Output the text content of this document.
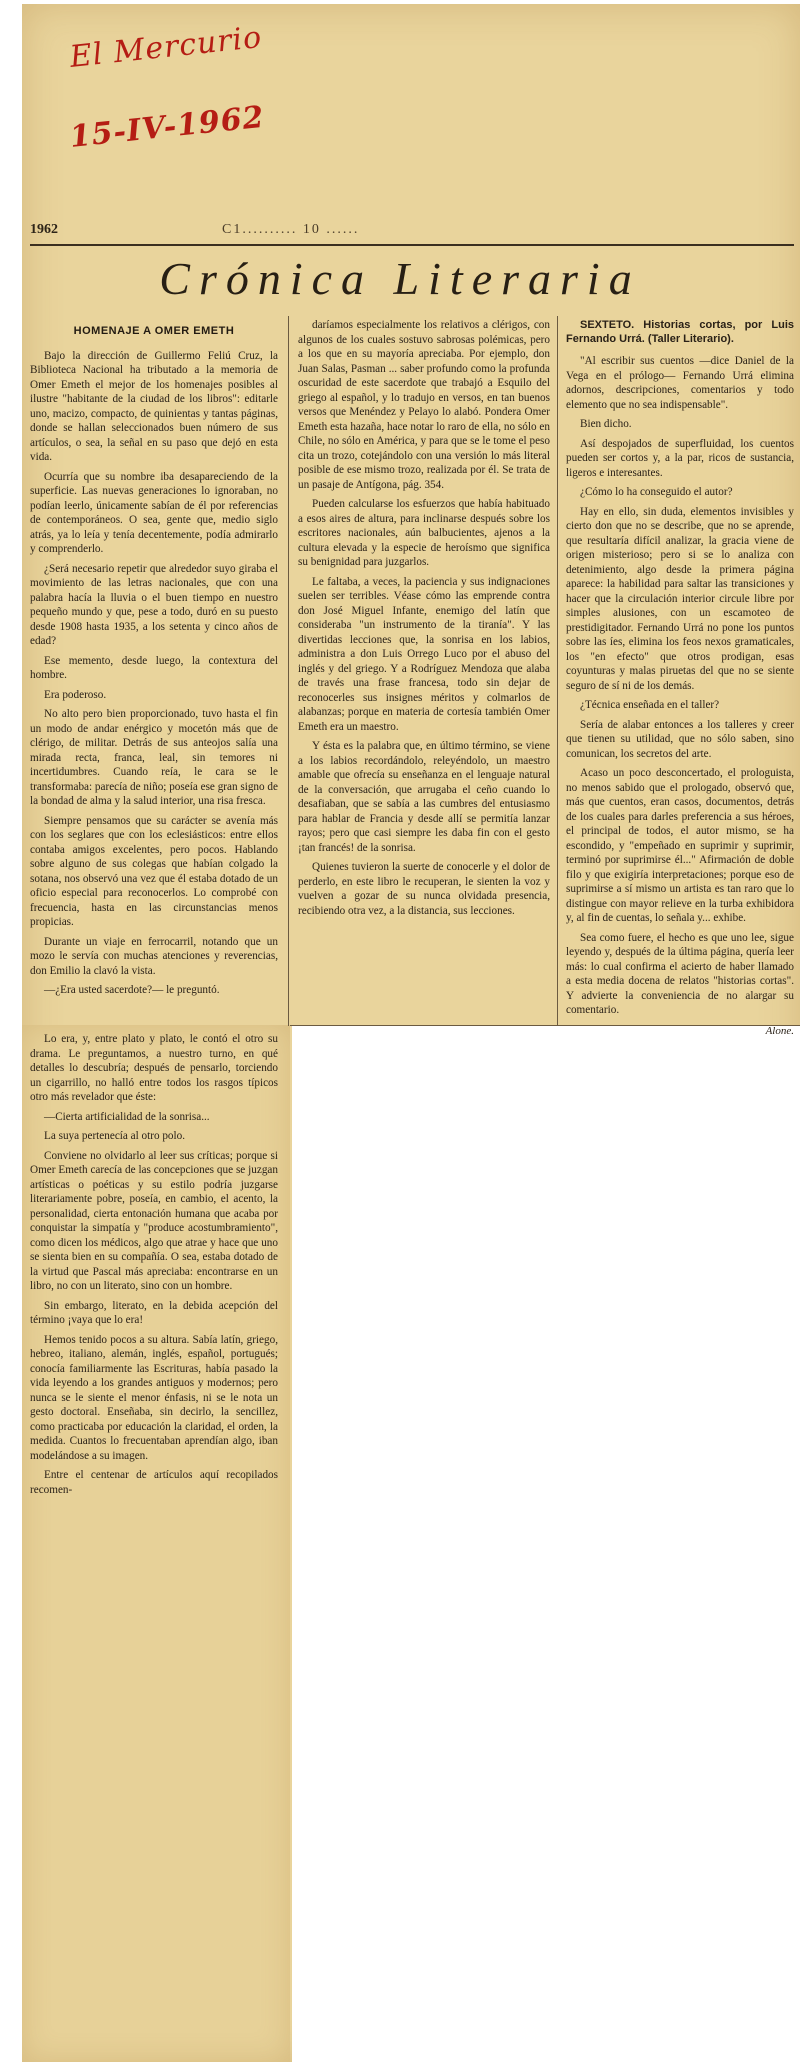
El Mercurio
15-IV-1962
1962	C1.......... 10 ......
Crónica Literaria
HOMENAJE A OMER EMETH

Bajo la dirección de Guillermo Feliú Cruz, la Biblioteca Nacional ha tributado a la memoria de Omer Emeth el mejor de los homenajes posibles al ilustre "habitante de la ciudad de los libros": editarle uno, macizo, compacto, de quinientas y tantas páginas, donde se hallan seleccionados buen número de sus artículos, o sea, la señal en su paso que dejó en esta vida.

Ocurría que su nombre iba desapareciendo de la superficie. Las nuevas generaciones lo ignoraban, no podían leerlo, únicamente sabían de él por referencias de contemporáneos. O sea, gente que, medio siglo atrás, ya lo leía y tenía decentemente, podía admirarlo y comprenderlo.

¿Será necesario repetir que alrededor suyo giraba el movimiento de las letras nacionales, que con una palabra hacía la lluvia o el buen tiempo en nuestro pequeño mundo y que, pese a todo, duró en su puesto desde 1908 hasta 1935, a los setenta y cinco años de edad?

Ese memento, desde luego, la contextura del hombre.

Era poderoso.

No alto pero bien proporcionado, tuvo hasta el fin un modo de andar enérgico y mocetón más que de clérigo, de militar. Detrás de sus anteojos salía una mirada recta, franca, leal, sin temores ni incertidumbres. Cuando reía, le cara se le transformaba: parecía de niño; poseía ese gran signo de la bondad de alma y la salud interior, una risa fresca.

Siempre pensamos que su carácter se avenía más con los seglares que con los eclesiásticos: entre ellos contaba amigos excelentes, pero pocos. Hablando sobre alguno de sus colegas que habían colgado la sotana, nos observó una vez que él estaba dotado de un oficio especial para reconocerlos. Lo comprobé con frecuencia, hasta en las circunstancias menos propicias.

Durante un viaje en ferrocarril, notando que un mozo le servía con muchas atenciones y reverencias, don Emilio la clavó la vista.

—¿Era usted sacerdote?— le preguntó.

Lo era, y, entre plato y plato, le contó el otro su drama. Le preguntamos, a nuestro turno, en qué detalles lo descubría; después de pensarlo, torciendo un cigarrillo, no halló entre todos los rasgos típicos otro más revelador que éste:

—Cierta artificialidad de la sonrisa...

La suya pertenecía al otro polo.

Conviene no olvidarlo al leer sus críticas; porque si Omer Emeth carecía de las concepciones que se juzgan artísticas o poéticas y su estilo podría juzgarse literariamente pobre, poseía, en cambio, el acento, la personalidad, cierta entonación humana que acaba por conquistar la simpatía y "produce acostumbramiento", como dicen los médicos, algo que atrae y hace que uno se sienta bien en su compañía. O sea, estaba dotado de la virtud que Pascal más apreciaba: encontrarse en un libro, no con un literato, sino con un hombre.

Sin embargo, literato, en la debida acepción del término ¡vaya que lo era!

Hemos tenido pocos a su altura. Sabía latín, griego, hebreo, italiano, alemán, inglés, español, portugués; conocía familiarmente las Escrituras, había pasado la vida leyendo a los grandes antiguos y modernos; pero nunca se le siente el menor énfasis, ni se le nota un gesto doctoral. Enseñaba, sin decirlo, la sencillez, como practicaba por educación la claridad, el orden, la medida. Cuantos lo frecuentaban aprendían algo, iban modelándose a su imagen.

Entre el centenar de artículos aquí recopilados recomen-

daríamos especialmente los relativos a clérigos, con algunos de los cuales sostuvo sabrosas polémicas, pero a los que en su mayoría apreciaba. Por ejemplo, don Juan Salas, Pasman ... saber profundo como la profunda oscuridad de este sacerdote que trabajó a Esquilo del griego al español, y lo tradujo en versos, en tan buenos versos que Menéndez y Pelayo lo alabó. Pondera Omer Emeth esta hazaña, hace notar lo raro de ella, no sólo en Chile, no sólo en América, y para que se le tome el peso cita un trozo, cotejándolo con una versión lo más literal posible de ese mismo trozo, realizada por él. Se trata de un pasaje de Antígona, pág. 354.

Pueden calcularse los esfuerzos que había habituado a esos aires de altura, para inclinarse después sobre los escritores nacionales, aún balbucientes, ajenos a la cultura elevada y la especie de heroísmo que significa su benignidad para juzgarlos.

Le faltaba, a veces, la paciencia y sus indignaciones suelen ser terribles. Véase cómo las emprende contra don José Miguel Infante, enemigo del latín que consideraba "un instrumento de la tiranía". Y las divertidas lecciones que, la sonrisa en los labios, administra a don Luis Orrego Luco por el abuso del inglés y del griego. Y a Rodríguez Mendoza que alaba de través una frase francesa, todo sin dejar de reconocerles sus insignes méritos y colmarlos de alabanzas; porque en materia de cortesía también Omer Emeth era un maestro.

Y ésta es la palabra que, en último término, se viene a los labios recordándolo, releyéndolo, un maestro amable que ofrecía su enseñanza en el lenguaje natural de la conversación, que arrugaba el ceño cuando lo desafiaban, que se sabía a las cumbres del entusiasmo para hablar de Francia y desde allí se permitía lanzar rayos; pero que casi siempre les daba fin con el gesto ¡tan francés! de la sonrisa.

Quienes tuvieron la suerte de conocerle y el dolor de perderlo, en este libro le recuperan, le sienten la voz y vuelven a gozar de su nunca olvidada presencia, recibiendo otra vez, a la distancia, sus lecciones.

SEXTETO. Historias cortas, por Luis Fernando Urrá. (Taller Literario).

"Al escribir sus cuentos —dice Daniel de la Vega en el prólogo— Fernando Urrá elimina adornos, descripciones, comentarios y todo elemento que no sea indispensable".

Bien dicho.

Así despojados de superfluidad, los cuentos pueden ser cortos y, a la par, ricos de sustancia, ligeros e interesantes.

¿Cómo lo ha conseguido el autor?

Hay en ello, sin duda, elementos invisibles y cierto don que no se describe, que no se aprende, que resultaría difícil analizar, la gracia viene de origen misterioso; pero si se lo analiza con detenimiento, algo desde la primera página aparece: la habilidad para saltar las transiciones y hacer que la circulación interior circule libre por simples alusiones, con un escamoteo de prestidigitador. Fernando Urrá no pone los puntos sobre las íes, elimina los feos nexos gramaticales, los "en efecto" que otros prodigan, esas coyunturas y malas piruetas del que no se siente seguro de sí ni de los demás.

¿Técnica enseñada en el taller?

Sería de alabar entonces a los talleres y creer que tienen su utilidad, que no sólo saben, sino comunican, los secretos del arte.

Acaso un poco desconcertado, el prologuista, no menos sabido que el prologado, observó que, más que cuentos, eran casos, documentos, detrás de los cuales para darles preferencia a sus héroes, el principal de todos, el autor mismo, se ha escondido, y "empeñado en suprimir y suprimir, terminó por suprimirse él..." Afirmación de doble filo y que exigiría interpretaciones; porque eso de suprimirse a sí mismo un artista es tan raro que lo distingue con mayor relieve en la turba exhibidora y, al fin de cuentas, lo señala y... exhibe.

Sea como fuere, el hecho es que uno lee, sigue leyendo y, después de la última página, quería leer más: lo cual confirma el acierto de haber llamado a esta media docena de relatos "historias cortas". Y advierte la conveniencia de no alargar su comentario.

Alone.
